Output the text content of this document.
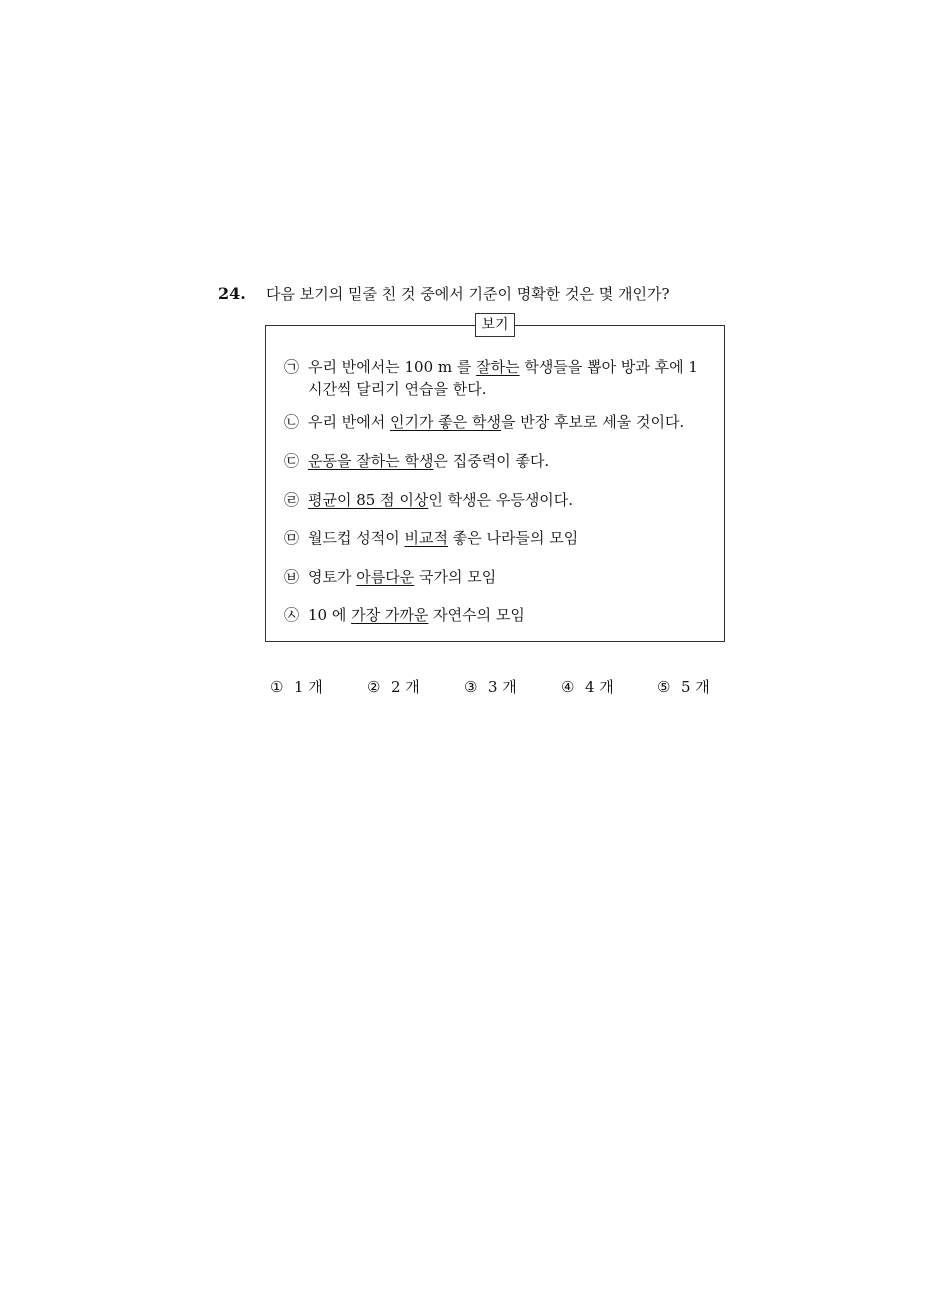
24. 다음 보기의 밑줄 친 것 중에서 기준이 명확한 것은 몇 개인가?
보기
㉠ 우리 반에서는 100 m 를 잘하는 학생들을 뽑아 방과 후에 1
시간씩 달리기 연습을 한다.
㉡ 우리 반에서 인기가 좋은 학생을 반장 후보로 세울 것이다.
㉢ 운동을 잘하는 학생은 집중력이 좋다.
㉣ 평균이 85 점 이상인 학생은 우등생이다.
㉤ 월드컵 성적이 비교적 좋은 나라들의 모임
㉥ 영토가 아름다운 국가의 모임
㉦ 10 에 가장 가까운 자연수의 모임
① 1 개	② 2 개	③ 3 개	④ 4 개	⑤ 5 개
